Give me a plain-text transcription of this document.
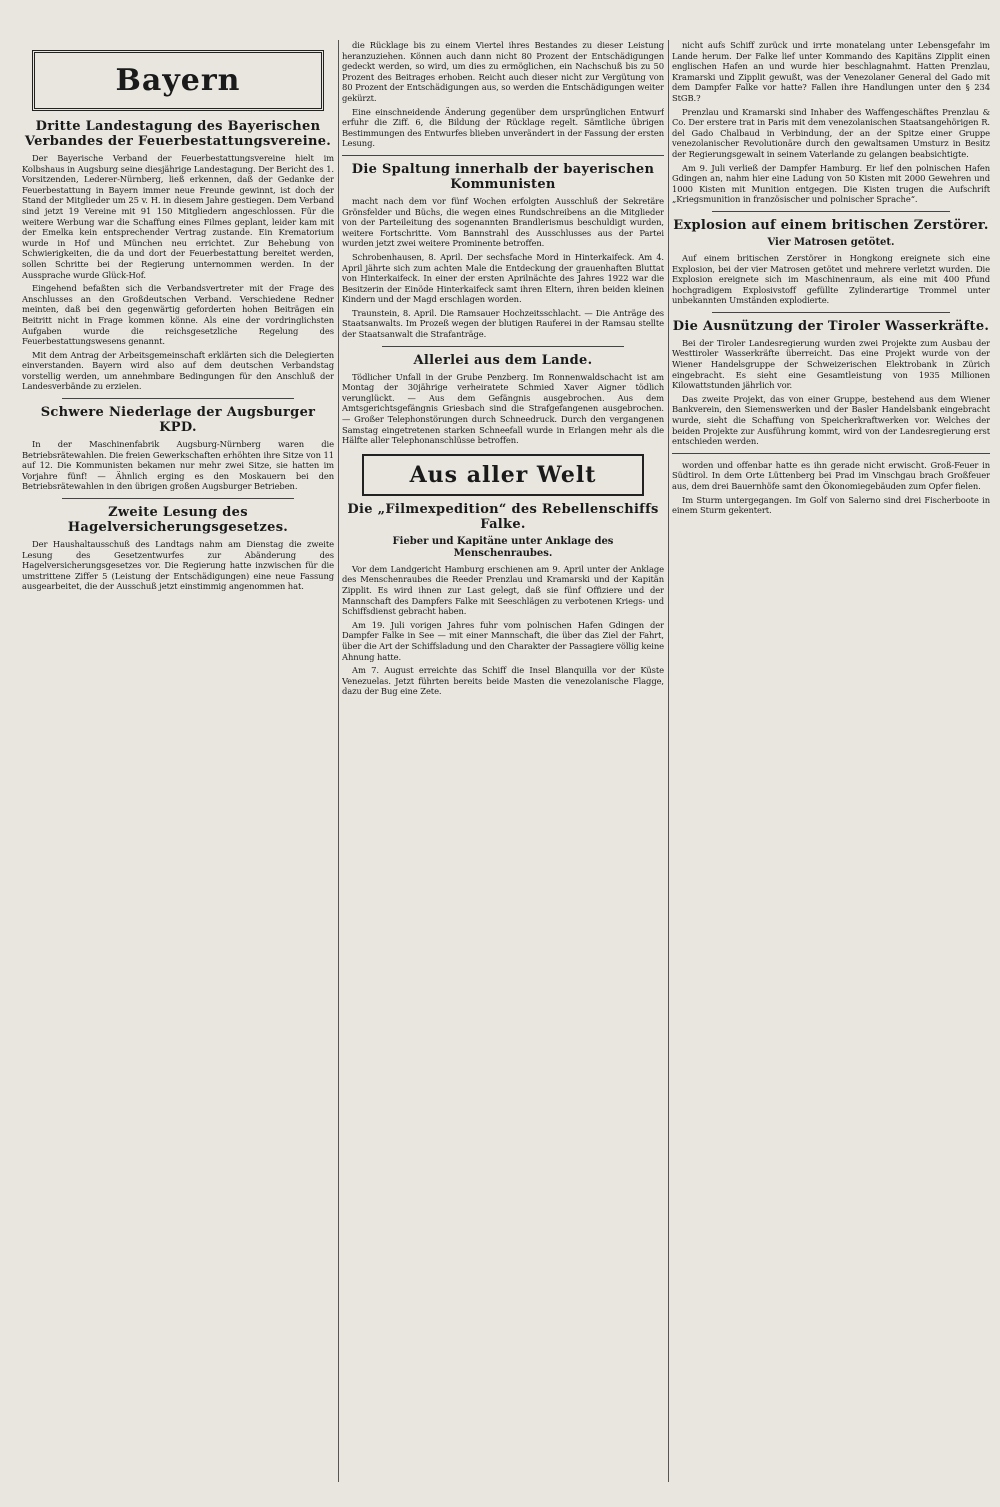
Bayern
Dritte Landestagung des Bayerischen Verbandes der Feuerbestattungsvereine.

Der Bayerische Verband der Feuerbestattungsvereine hielt im Kolbshaus in Augsburg seine diesjährige Landestagung. Der Bericht des 1. Vorsitzenden, Lederer-Nürnberg, ließ erkennen, daß der Gedanke der Feuerbestattung in Bayern immer neue Freunde gewinnt, ist doch der Stand der Mitglieder um 25 v. H. in diesem Jahre gestiegen. Dem Verband sind jetzt 19 Vereine mit 91 150 Mitgliedern angeschlossen. Für die weitere Werbung war die Schaffung eines Filmes geplant, leider kam mit der Emelka kein entsprechender Vertrag zustande. Ein Krematorium wurde in Hof und München neu errichtet. Zur Behebung von Schwierigkeiten, die da und dort der Feuerbestattung bereitet werden, sollen Schritte bei der Regierung unternommen werden. In der Aussprache wurde Glück-Hof.

Eingehend befaßten sich die Verbandsvertreter mit der Frage des Anschlusses an den Großdeutschen Verband. Verschiedene Redner meinten, daß bei den gegenwärtig geforderten hohen Beiträgen ein Beitritt nicht in Frage kommen könne. Als eine der vordringlichsten Aufgaben wurde die reichsgesetzliche Regelung des Feuerbestattungswesens genannt.

Mit dem Antrag der Arbeitsgemeinschaft erklärten sich die Delegierten einverstanden. Bayern wird also auf dem deutschen Verbandstag vorstellig werden, um annehmbare Bedingungen für den Anschluß der Landesverbände zu erzielen.

Schwere Niederlage der Augsburger KPD.

In der Maschinenfabrik Augsburg-Nürnberg waren die Betriebsrätewahlen. Die freien Gewerkschaften erhöhten ihre Sitze von 11 auf 12. Die Kommunisten bekamen nur mehr zwei Sitze, sie hatten im Vorjahre fünf! — Ähnlich erging es den Moskauern bei den Betriebsrätewahlen in den übrigen großen Augsburger Betrieben.

Zweite Lesung des Hagelversicherungsgesetzes.

Der Haushaltausschuß des Landtags nahm am Dienstag die zweite Lesung des Gesetzentwurfes zur Abänderung des Hagelversicherungsgesetzes vor. Die Regierung hatte inzwischen für die umstrittene Ziffer 5 (Leistung der Entschädigungen) eine neue Fassung ausgearbeitet, die der Ausschuß jetzt einstimmig angenommen hat.

die Rücklage bis zu einem Viertel ihres Bestandes zu dieser Leistung heranzuziehen. Können auch dann nicht 80 Prozent der Entschädigungen gedeckt werden, so wird, um dies zu ermöglichen, ein Nachschuß bis zu 50 Prozent des Beitrages erhoben. Reicht auch dieser nicht zur Vergütung von 80 Prozent der Entschädigungen aus, so werden die Entschädigungen weiter gekürzt.

Eine einschneidende Änderung gegenüber dem ursprünglichen Entwurf erfuhr die Ziff. 6, die Bildung der Rücklage regelt. Sämtliche übrigen Bestimmungen des Entwurfes blieben unverändert in der Fassung der ersten Lesung.

Die Spaltung innerhalb der bayerischen Kommunisten

macht nach dem vor fünf Wochen erfolgten Ausschluß der Sekretäre Grönsfelder und Büchs, die wegen eines Rundschreibens an die Mitglieder von der Parteileitung des sogenannten Brandlerismus beschuldigt wurden, weitere Fortschritte. Vom Bannstrahl des Ausschlusses aus der Partei wurden jetzt zwei weitere Prominente betroffen.

Schrobenhausen, 8. April. Der sechsfache Mord in Hinterkaifeck. Am 4. April jährte sich zum achten Male die Entdeckung der grauenhaften Bluttat von Hinterkaifeck. In einer der ersten Aprilnächte des Jahres 1922 war die Besitzerin der Einöde Hinterkaifeck samt ihren Eltern, ihren beiden kleinen Kindern und der Magd erschlagen worden.

Traunstein, 8. April. Die Ramsauer Hochzeitsschlacht. — Die Anträge des Staatsanwalts. Im Prozeß wegen der blutigen Rauferei in der Ramsau stellte der Staatsanwalt die Strafanträge.

Allerlei aus dem Lande.

Tödlicher Unfall in der Grube Penzberg. Im Ronnenwaldschacht ist am Montag der 30jährige verheiratete Schmied Xaver Aigner tödlich verunglückt. — Aus dem Gefängnis ausgebrochen. Aus dem Amtsgerichtsgefängnis Griesbach sind die Strafgefangenen ausgebrochen. — Großer Telephonstörungen durch Schneedruck. Durch den vergangenen Samstag eingetretenen starken Schneefall wurde in Erlangen mehr als die Hälfte aller Telephonanschlüsse betroffen.

Aus aller Welt
Die „Filmexpedition“ des Rebellenschiffs Falke.
Fieber und Kapitäne unter Anklage des Menschenraubes.

Vor dem Landgericht Hamburg erschienen am 9. April unter der Anklage des Menschenraubes die Reeder Prenzlau und Kramarski und der Kapitän Zipplit. Es wird ihnen zur Last gelegt, daß sie fünf Offiziere und der Mannschaft des Dampfers Falke mit Seeschlägen zu verbotenen Kriegs- und Schiffsdienst gebracht haben.

Am 19. Juli vorigen Jahres fuhr vom polnischen Hafen Gdingen der Dampfer Falke in See — mit einer Mannschaft, die über das Ziel der Fahrt, über die Art der Schiffsladung und den Charakter der Passagiere völlig keine Ahnung hatte.

Am 7. August erreichte das Schiff die Insel Blanquilla vor der Küste Venezuelas. Jetzt führten bereits beide Masten die venezolanische Flagge, dazu der Bug eine Zete.

nicht aufs Schiff zurück und irrte monatelang unter Lebensgefahr im Lande herum. Der Falke lief unter Kommando des Kapitäns Zipplit einen englischen Hafen an und wurde hier beschlagnahmt. Hatten Prenzlau, Kramarski und Zipplit gewußt, was der Venezolaner General del Gado mit dem Dampfer Falke vor hatte? Fallen ihre Handlungen unter den § 234 StGB.?

Prenzlau und Kramarski sind Inhaber des Waffengeschäftes Prenzlau & Co. Der erstere trat in Paris mit dem venezolanischen Staatsangehörigen R. del Gado Chalbaud in Verbindung, der an der Spitze einer Gruppe venezolanischer Revolutionäre durch den gewaltsamen Umsturz in Besitz der Regierungsgewalt in seinem Vaterlande zu gelangen beabsichtigte.

Am 9. Juli verließ der Dampfer Hamburg. Er lief den polnischen Hafen Gdingen an, nahm hier eine Ladung von 50 Kisten mit 2000 Gewehren und 1000 Kisten mit Munition entgegen. Die Kisten trugen die Aufschrift „Kriegsmunition in französischer und polnischer Sprache“.

Explosion auf einem britischen Zerstörer.
Vier Matrosen getötet.

Auf einem britischen Zerstörer in Hongkong ereignete sich eine Explosion, bei der vier Matrosen getötet und mehrere verletzt wurden. Die Explosion ereignete sich im Maschinenraum, als eine mit 400 Pfund hochgradigem Explosivstoff gefüllte Zylinderartige Trommel unter unbekannten Umständen explodierte.

Die Ausnützung der Tiroler Wasserkräfte.

Bei der Tiroler Landesregierung wurden zwei Projekte zum Ausbau der Westtiroler Wasserkräfte überreicht. Das eine Projekt wurde von der Wiener Handelsgruppe der Schweizerischen Elektrobank in Zürich eingebracht. Es sieht eine Gesamtleistung von 1935 Millionen Kilowattstunden jährlich vor.

Das zweite Projekt, das von einer Gruppe, bestehend aus dem Wiener Bankverein, den Siemenswerken und der Basler Handelsbank eingebracht wurde, sieht die Schaffung von Speicherkraftwerken vor. Welches der beiden Projekte zur Ausführung kommt, wird von der Landesregierung erst entschieden werden.

worden und offenbar hatte es ihn gerade nicht erwischt. Groß-Feuer in Südtirol. In dem Orte Lüttenberg bei Prad im Vinschgau brach Großfeuer aus, dem drei Bauernhöfe samt den Ökonomiegebäuden zum Opfer fielen.

Im Sturm untergegangen. Im Golf von Salerno sind drei Fischerboote in einem Sturm gekentert.
